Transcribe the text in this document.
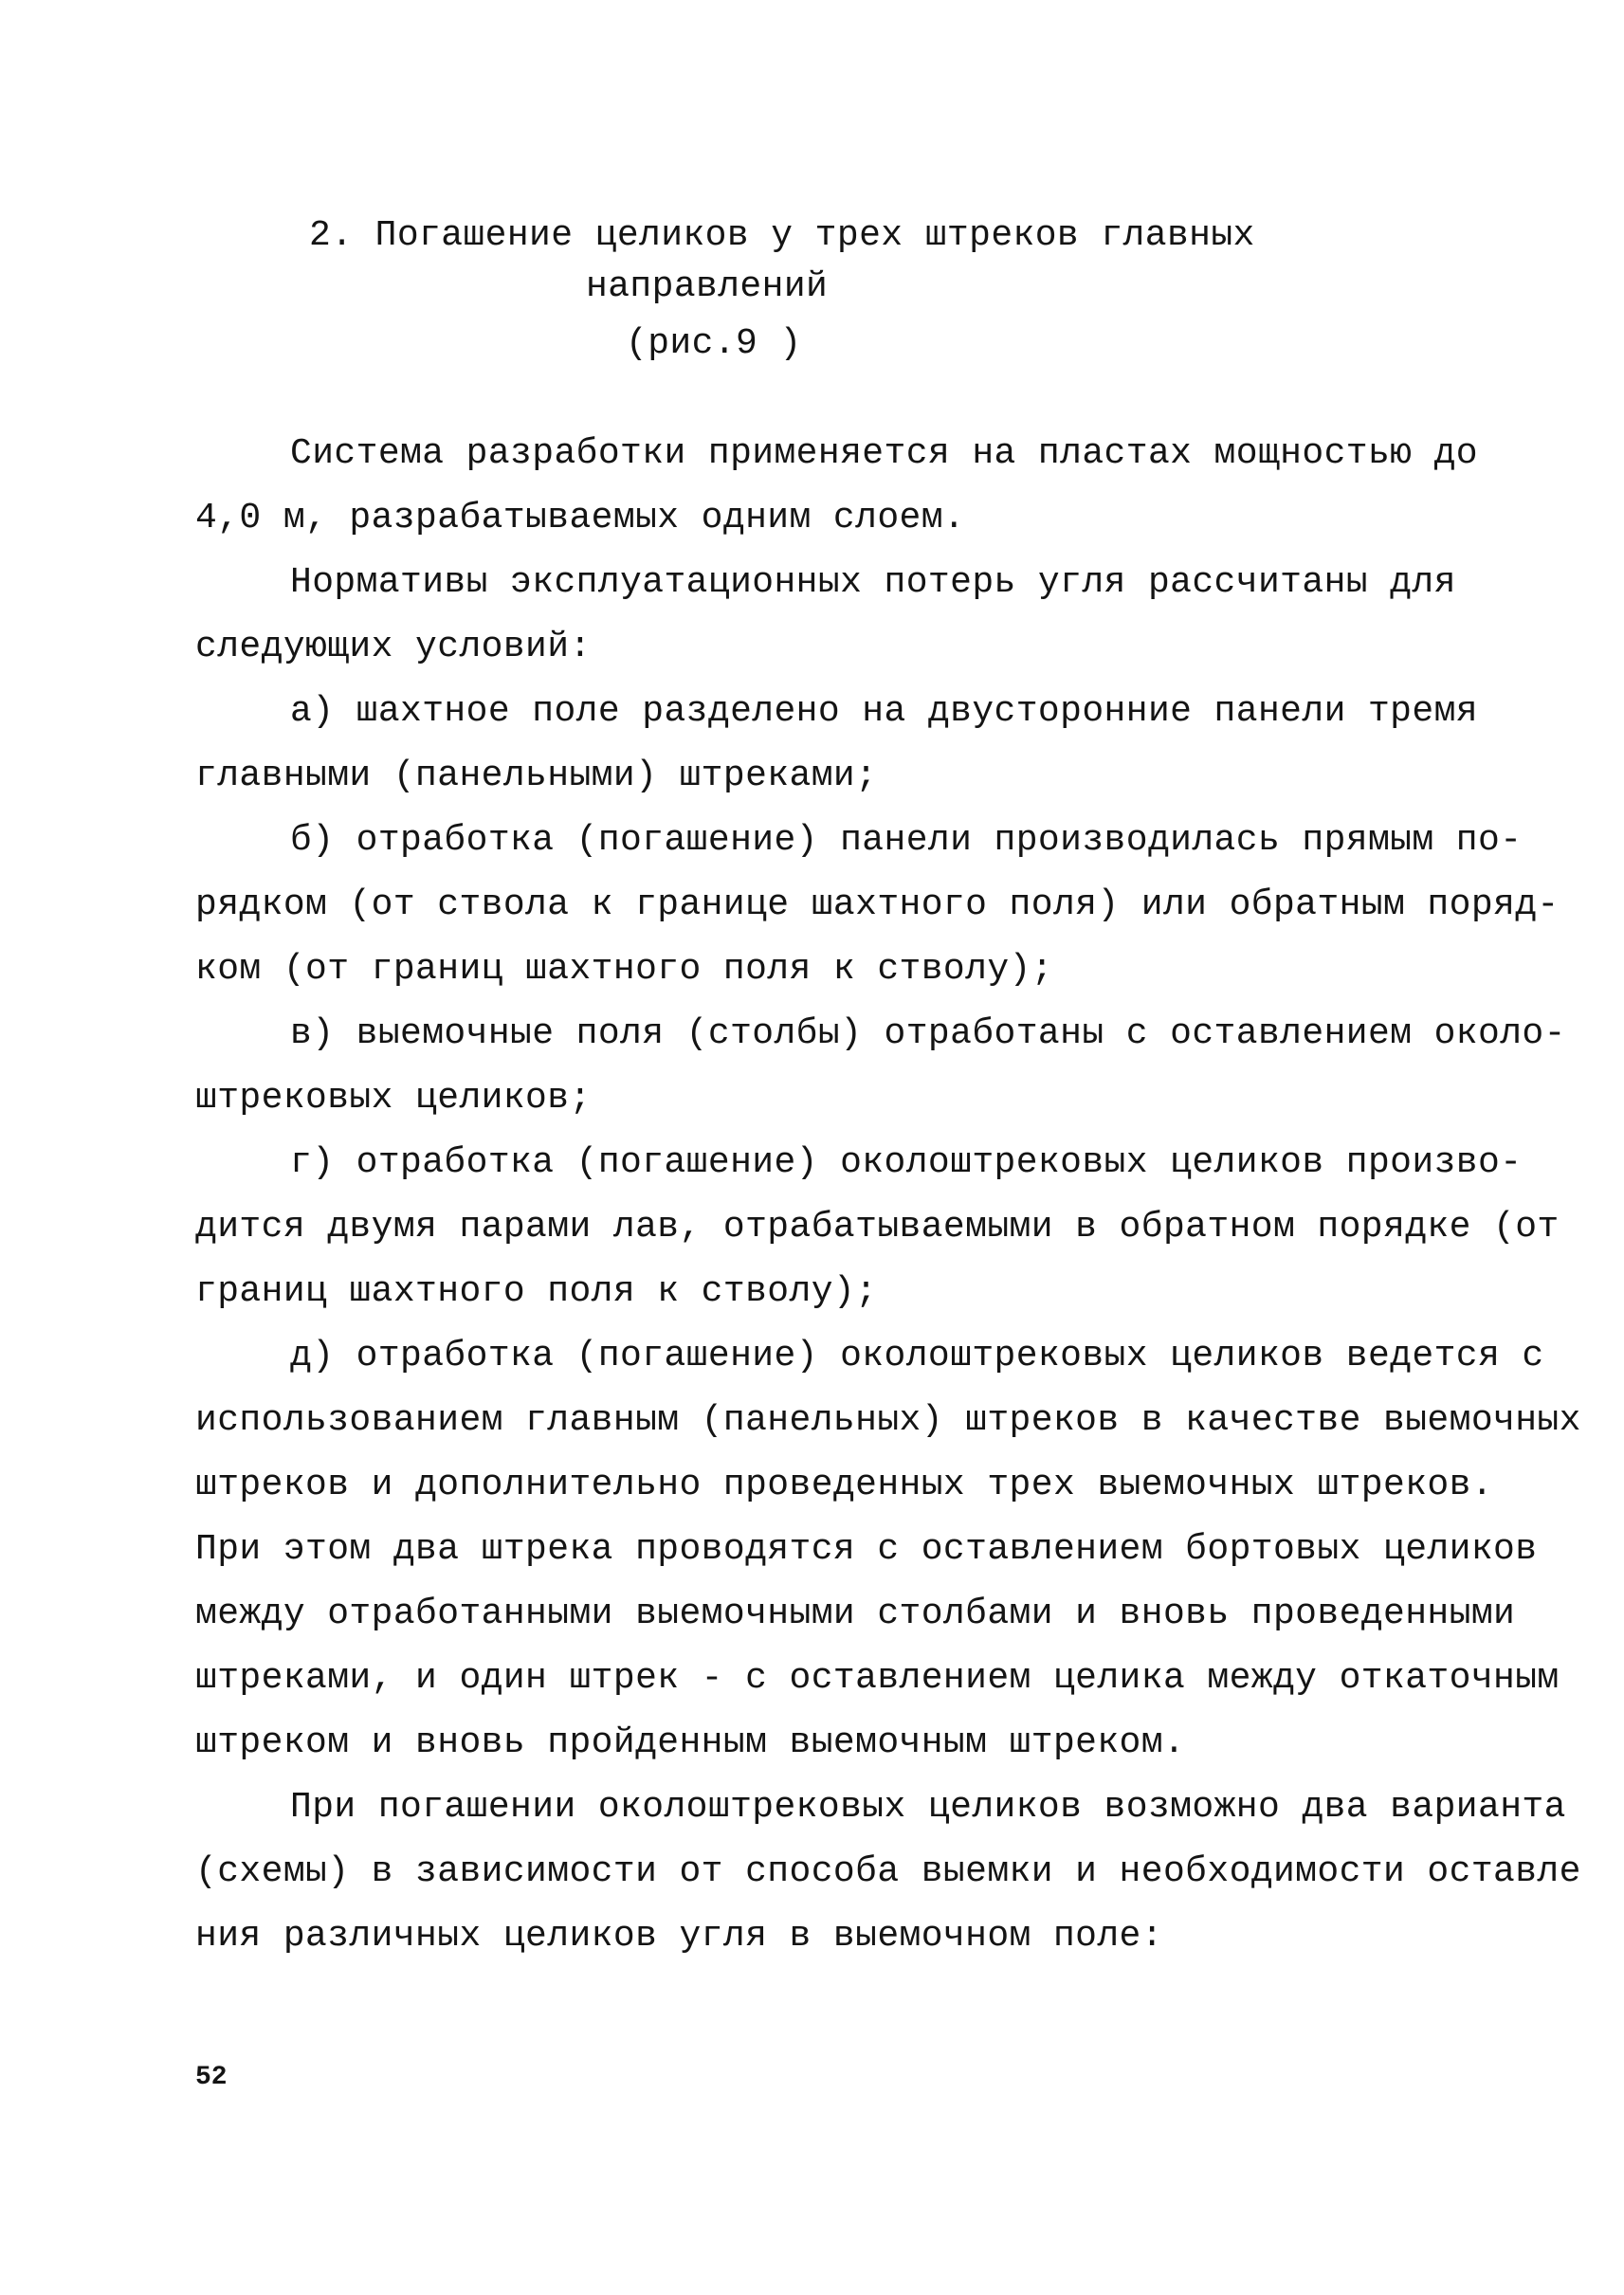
2. Погашение целиков у трех штреков главных
направлений
(рис.9 )
Система разработки применяется на пластах мощностью до
4,0 м, разрабатываемых одним слоем.
Нормативы эксплуатационных потерь угля рассчитаны для
следующих условий:
а) шахтное поле разделено на двусторонние панели тремя
главными (панельными) штреками;
б) отработка (погашение) панели производилась прямым по-
рядком (от ствола к границе шахтного поля) или обратным поряд-
ком (от границ шахтного поля к стволу);
в) выемочные поля (столбы) отработаны с оставлением около-
штрековых целиков;
г) отработка (погашение) околоштрековых целиков произво-
дится двумя парами лав, отрабатываемыми в обратном порядке (от
границ шахтного поля к стволу);
д) отработка (погашение) околоштрековых целиков ведется с
использованием главным (панельных) штреков в качестве выемочных
штреков и дополнительно проведенных трех выемочных штреков.
При этом два штрека проводятся с оставлением бортовых целиков
между отработанными выемочными столбами и вновь проведенными
штреками, и один штрек - с оставлением целика между откаточным
штреком и вновь пройденным выемочным штреком.
При погашении околоштрековых целиков возможно два варианта
(схемы) в зависимости от способа выемки и необходимости оставле
ния различных целиков угля в выемочном поле:
52
